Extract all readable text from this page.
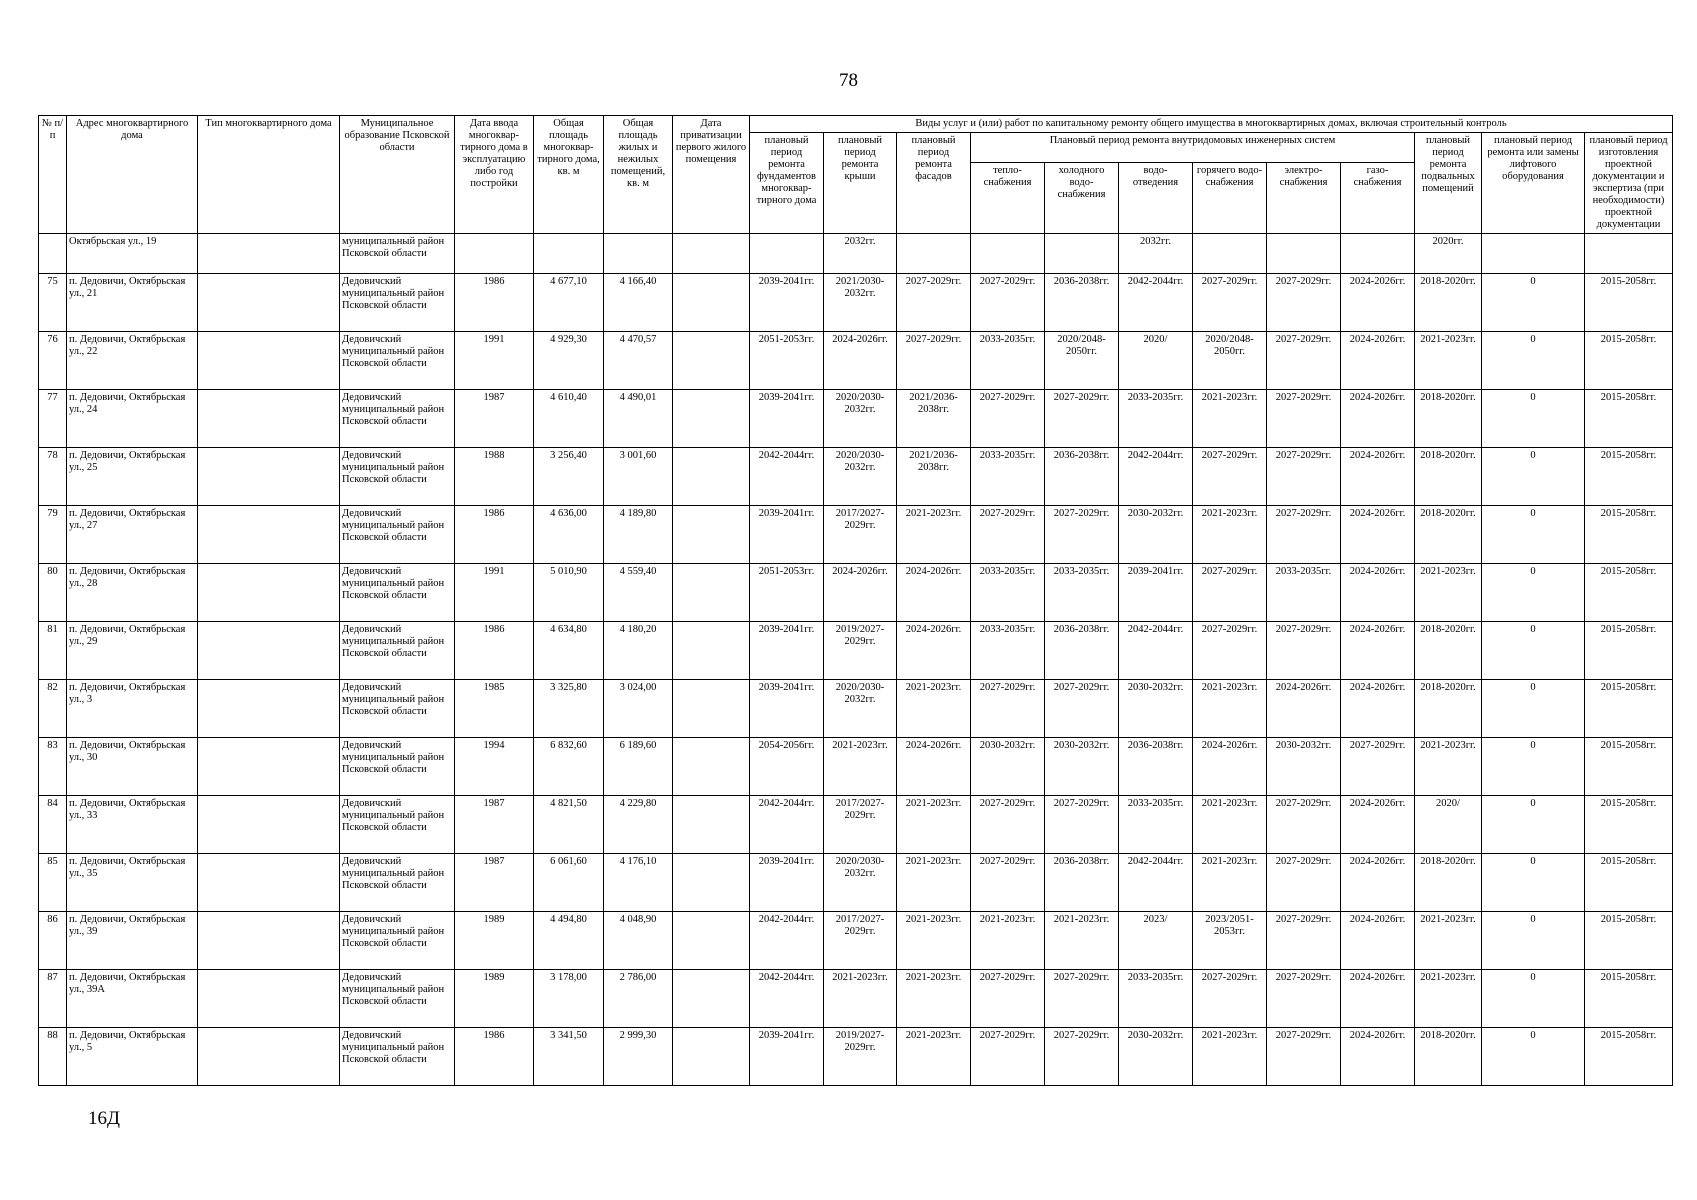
78
№ п/п	Адрес многоквартирного дома	Тип многоквартирного дома	Муниципальное образование Псковской области	Дата ввода многоквар-тирного дома в эксплуатацию либо год постройки	Общая площадь многоквар-тирного дома, кв. м	Общая площадь жилых и нежилых помещений, кв. м	Дата приватизации первого жилого помещения	Виды услуг и (или) работ по капитальному ремонту общего имущества в многоквартирных домах, включая строительный контроль											
								плановый период ремонта фундаментов многоквар-тирного дома	плановый период ремонта крыши	плановый период ремонта фасадов	Плановый период ремонта внутридомовых инженерных систем						плановый период ремонта подвальных помещений	плановый период ремонта или замены лифтового оборудования	плановый период изготовления проектной документации и экспертиза (при необходимости) проектной документации
											тепло-снабжения	холодного водо-снабжения	водо-отведения	горячего водо-снабжения	электро-снабжения	газо-снабжения			
	Октябрьская ул., 19		муниципальный район Псковской области						2032гг.				2032гг.				2020гг.		
75	п. Дедовичи, Октябрьская ул., 21		Дедовичский муниципальный район Псковской области	1986	4 677,10	4 166,40		2039-2041гг.	2021/2030-2032гг.	2027-2029гг.	2027-2029гг.	2036-2038гг.	2042-2044гг.	2027-2029гг.	2027-2029гг.	2024-2026гг.	2018-2020гг.	0	2015-2058гг.
76	п. Дедовичи, Октябрьская ул., 22		Дедовичский муниципальный район Псковской области	1991	4 929,30	4 470,57		2051-2053гг.	2024-2026гг.	2027-2029гг.	2033-2035гг.	2020/2048-2050гг.	2020/	2020/2048-2050гг.	2027-2029гг.	2024-2026гг.	2021-2023гг.	0	2015-2058гг.
77	п. Дедовичи, Октябрьская ул., 24		Дедовичский муниципальный район Псковской области	1987	4 610,40	4 490,01		2039-2041гг.	2020/2030-2032гг.	2021/2036-2038гг.	2027-2029гг.	2027-2029гг.	2033-2035гг.	2021-2023гг.	2027-2029гг.	2024-2026гг.	2018-2020гг.	0	2015-2058гг.
78	п. Дедовичи, Октябрьская ул., 25		Дедовичский муниципальный район Псковской области	1988	3 256,40	3 001,60		2042-2044гг.	2020/2030-2032гг.	2021/2036-2038гг.	2033-2035гг.	2036-2038гг.	2042-2044гг.	2027-2029гг.	2027-2029гг.	2024-2026гг.	2018-2020гг.	0	2015-2058гг.
79	п. Дедовичи, Октябрьская ул., 27		Дедовичский муниципальный район Псковской области	1986	4 636,00	4 189,80		2039-2041гг.	2017/2027-2029гг.	2021-2023гг.	2027-2029гг.	2027-2029гг.	2030-2032гг.	2021-2023гг.	2027-2029гг.	2024-2026гг.	2018-2020гг.	0	2015-2058гг.
80	п. Дедовичи, Октябрьская ул., 28		Дедовичский муниципальный район Псковской области	1991	5 010,90	4 559,40		2051-2053гг.	2024-2026гг.	2024-2026гг.	2033-2035гг.	2033-2035гг.	2039-2041гг.	2027-2029гг.	2033-2035гг.	2024-2026гг.	2021-2023гг.	0	2015-2058гг.
81	п. Дедовичи, Октябрьская ул., 29		Дедовичский муниципальный район Псковской области	1986	4 634,80	4 180,20		2039-2041гг.	2019/2027-2029гг.	2024-2026гг.	2033-2035гг.	2036-2038гг.	2042-2044гг.	2027-2029гг.	2027-2029гг.	2024-2026гг.	2018-2020гг.	0	2015-2058гг.
82	п. Дедовичи, Октябрьская ул., 3		Дедовичский муниципальный район Псковской области	1985	3 325,80	3 024,00		2039-2041гг.	2020/2030-2032гг.	2021-2023гг.	2027-2029гг.	2027-2029гг.	2030-2032гг.	2021-2023гг.	2024-2026гг.	2024-2026гг.	2018-2020гг.	0	2015-2058гг.
83	п. Дедовичи, Октябрьская ул., 30		Дедовичский муниципальный район Псковской области	1994	6 832,60	6 189,60		2054-2056гг.	2021-2023гг.	2024-2026гг.	2030-2032гг.	2030-2032гг.	2036-2038гг.	2024-2026гг.	2030-2032гг.	2027-2029гг.	2021-2023гг.	0	2015-2058гг.
84	п. Дедовичи, Октябрьская ул., 33		Дедовичский муниципальный район Псковской области	1987	4 821,50	4 229,80		2042-2044гг.	2017/2027-2029гг.	2021-2023гг.	2027-2029гг.	2027-2029гг.	2033-2035гг.	2021-2023гг.	2027-2029гг.	2024-2026гг.	2020/	0	2015-2058гг.
85	п. Дедовичи, Октябрьская ул., 35		Дедовичский муниципальный район Псковской области	1987	6 061,60	4 176,10		2039-2041гг.	2020/2030-2032гг.	2021-2023гг.	2027-2029гг.	2036-2038гг.	2042-2044гг.	2021-2023гг.	2027-2029гг.	2024-2026гг.	2018-2020гг.	0	2015-2058гг.
86	п. Дедовичи, Октябрьская ул., 39		Дедовичский муниципальный район Псковской области	1989	4 494,80	4 048,90		2042-2044гг.	2017/2027-2029гг.	2021-2023гг.	2021-2023гг.	2021-2023гг.	2023/	2023/2051-2053гг.	2027-2029гг.	2024-2026гг.	2021-2023гг.	0	2015-2058гг.
87	п. Дедовичи, Октябрьская ул., 39А		Дедовичский муниципальный район Псковской области	1989	3 178,00	2 786,00		2042-2044гг.	2021-2023гг.	2021-2023гг.	2027-2029гг.	2027-2029гг.	2033-2035гг.	2027-2029гг.	2027-2029гг.	2024-2026гг.	2021-2023гг.	0	2015-2058гг.
88	п. Дедовичи, Октябрьская ул., 5		Дедовичский муниципальный район Псковской области	1986	3 341,50	2 999,30		2039-2041гг.	2019/2027-2029гг.	2021-2023гг.	2027-2029гг.	2027-2029гг.	2030-2032гг.	2021-2023гг.	2027-2029гг.	2024-2026гг.	2018-2020гг.	0	2015-2058гг.
16Д
